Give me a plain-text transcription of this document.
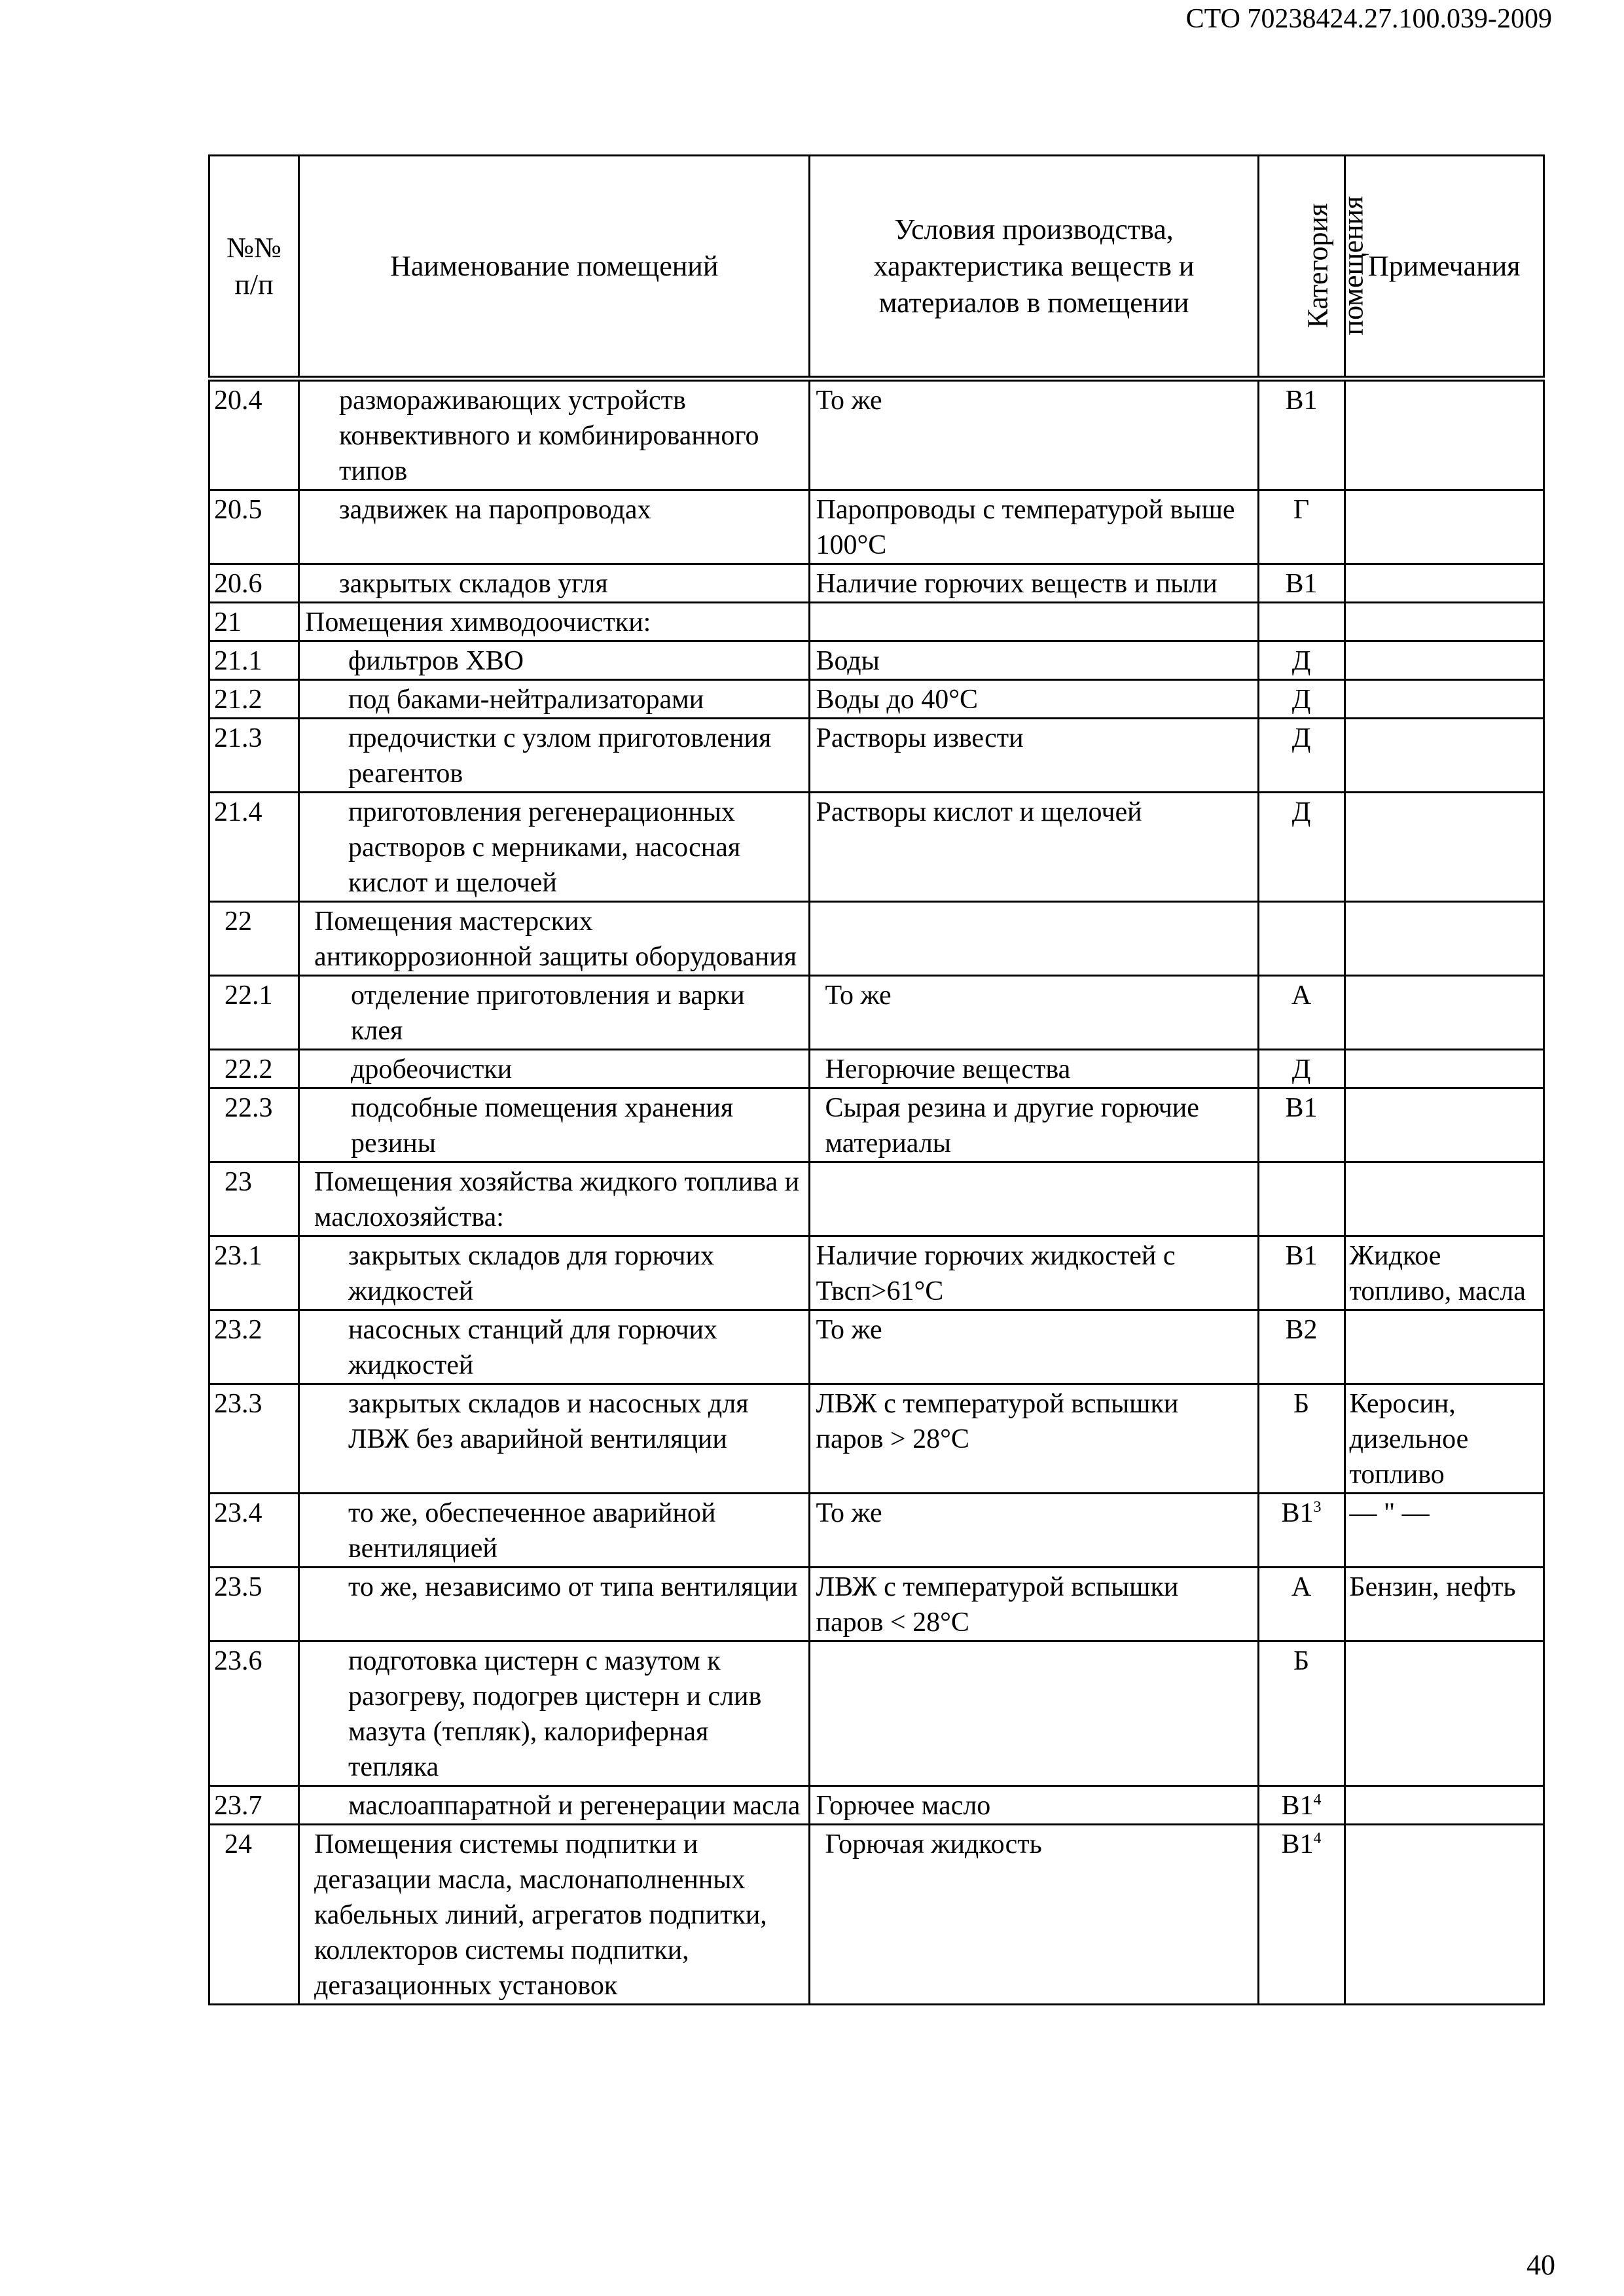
СТО 70238424.27.100.039-2009
№№
п/п	Наименование помещений	Условия производства, характеристика веществ и материалов в помещении	Категория
помещения	Примечания
20.4	размораживающих устройств конвективного и комбинированного типов	То же	В1	
20.5	задвижек на паропроводах	Паропроводы с температурой выше 100°С	Г	
20.6	закрытых складов угля	Наличие горючих веществ и пыли	В1	
21	Помещения химводоочистки:			

21.1	фильтров ХВО	Воды	Д	
21.2	под баками-нейтрализаторами	Воды до 40°С	Д	
21.3	предочистки с узлом приготовления реагентов	Растворы извести	Д	
21.4	приготовления регенерационных растворов с мерниками, насосная кислот и щелочей	Растворы кислот и щелочей	Д	
22	Помещения мастерских антикоррозионной защиты оборудования			

22.1	отделение приготовления и варки клея	То же	А	
22.2	дробеочистки	Негорючие вещества	Д	
22.3	подсобные помещения хранения резины	Сырая резина и другие горючие материалы	В1	
23	Помещения хозяйства жидкого топлива и маслохозяйства:			

23.1	закрытых складов для горючих жидкостей	Наличие горючих жидкостей с Твсп>61°С	В1	Жидкое топливо, масла
23.2	насосных станций для горючих жидкостей	То же	В2	
23.3	закрытых складов и насосных для ЛВЖ без аварийной вентиляции	ЛВЖ с температурой вспышки паров > 28°С	Б	Керосин, дизельное топливо
23.4	то же, обеспеченное аварийной вентиляцией	То же	$В1^3$	— " —
23.5	то же, независимо от типа вентиляции	ЛВЖ с температурой вспышки паров < 28°С	А	Бензин, нефть
23.6	подготовка цистерн с мазутом к разогреву, подогрев цистерн и слив мазута (тепляк), калориферная тепляка		Б	
23.7	маслоаппаратной и регенерации масла	Горючее масло	$В1^4$	
24	Помещения системы подпитки и дегазации масла, маслонаполненных кабельных линий, агрегатов подпитки, коллекторов системы подпитки, дегазационных установок	Горючая жидкость	$В1^4$	
40
